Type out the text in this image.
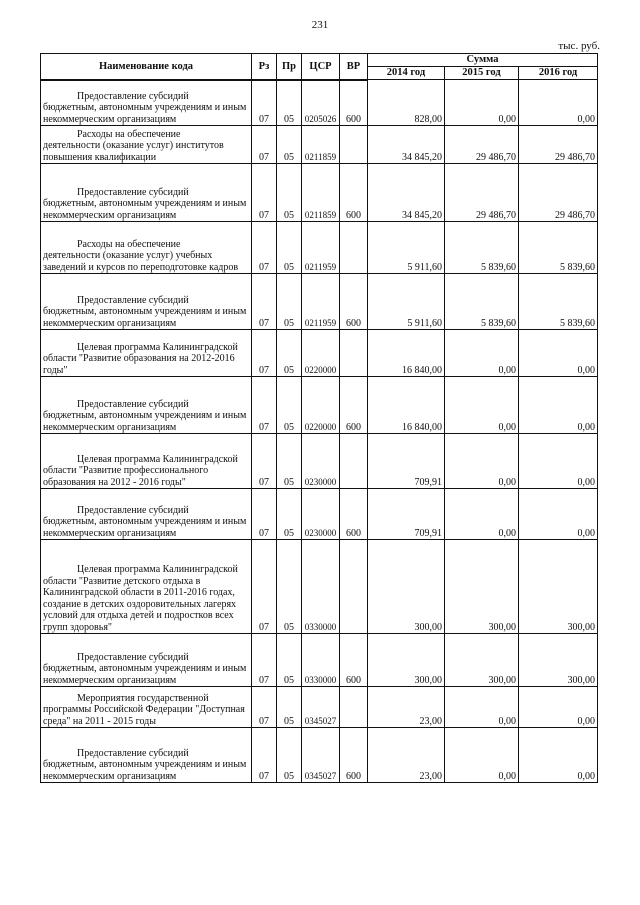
231
тыс. руб.
Наименование кода	Рз	Пр	ЦСР	ВР	Сумма		
					2014 год	2015 год	2016 год
Предоставление субсидий
бюджетным, автономным учреждениям и иным некоммерческим организациям	07	05	0205026	600	828,00	0,00	0,00
Расходы на обеспечение
деятельности (оказание услуг) институтов повышения квалификации	07	05	0211859		34 845,20	29 486,70	29 486,70
Предоставление субсидий
бюджетным, автономным учреждениям и иным некоммерческим организациям	07	05	0211859	600	34 845,20	29 486,70	29 486,70
Расходы на обеспечение
деятельности (оказание услуг) учебных заведений и курсов по переподготовке кадров	07	05	0211959		5 911,60	5 839,60	5 839,60
Предоставление субсидий
бюджетным, автономным учреждениям и иным некоммерческим организациям	07	05	0211959	600	5 911,60	5 839,60	5 839,60
Целевая программа Калининградской
области "Развитие образования на 2012-2016 годы"	07	05	0220000		16 840,00	0,00	0,00
Предоставление субсидий
бюджетным, автономным учреждениям и иным некоммерческим организациям	07	05	0220000	600	16 840,00	0,00	0,00
Целевая программа Калининградской
области "Развитие профессионального образования на 2012 - 2016 годы"	07	05	0230000		709,91	0,00	0,00
Предоставление субсидий
бюджетным, автономным учреждениям и иным некоммерческим организациям	07	05	0230000	600	709,91	0,00	0,00
Целевая программа Калининградской
области "Развитие детского отдыха в Калининградской области в 2011-2016 годах, создание в детских оздоровительных лагерях условий для отдыха детей и подростков всех групп здоровья"	07	05	0330000		300,00	300,00	300,00
Предоставление субсидий
бюджетным, автономным учреждениям и иным некоммерческим организациям	07	05	0330000	600	300,00	300,00	300,00
Мероприятия государственной
программы Российской Федерации "Доступная среда" на 2011 - 2015 годы	07	05	0345027		23,00	0,00	0,00
Предоставление субсидий
бюджетным, автономным учреждениям и иным некоммерческим организациям	07	05	0345027	600	23,00	0,00	0,00
